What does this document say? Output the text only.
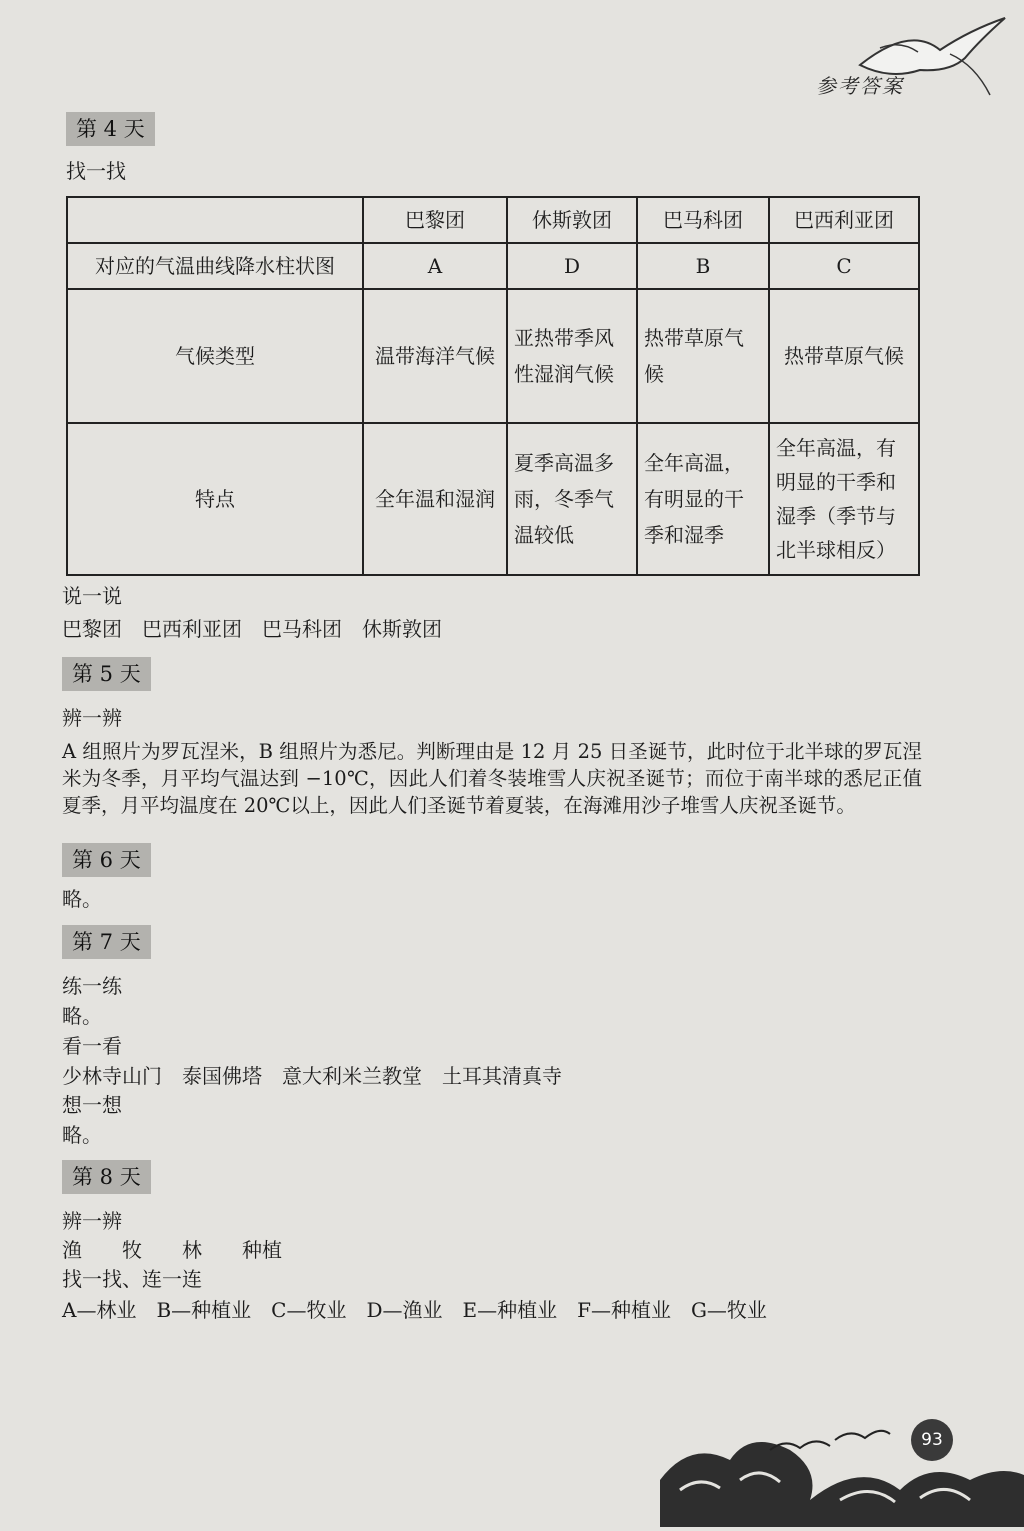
参考答案
第 4 天
找一找
	巴黎团	休斯敦团	巴马科团	巴西利亚团
对应的气温曲线降水柱状图	A	D	B	C
气候类型	温带海洋气候	亚热带季风性湿润气候	热带草原气候	热带草原气候
特点	全年温和湿润	夏季高温多雨，冬季气温较低	全年高温，有明显的干季和湿季	全年高温，有明显的干季和湿季（季节与北半球相反）
说一说
巴黎团　巴西利亚团　巴马科团　休斯敦团
第 5 天
辨一辨
A 组照片为罗瓦涅米，B 组照片为悉尼。判断理由是 12 月 25 日圣诞节，此时位于北半球的罗瓦涅米为冬季，月平均气温达到 −10℃，因此人们着冬装堆雪人庆祝圣诞节；而位于南半球的悉尼正值夏季，月平均温度在 20℃以上，因此人们圣诞节着夏装，在海滩用沙子堆雪人庆祝圣诞节。
第 6 天
略。
第 7 天
练一练
略。
看一看
少林寺山门　泰国佛塔　意大利米兰教堂　土耳其清真寺
想一想
略。
第 8 天
辨一辨
渔　　牧　　林　　种植
找一找、连一连
A—林业　B—种植业　C—牧业　D—渔业　E—种植业　F—种植业　G—牧业
93
